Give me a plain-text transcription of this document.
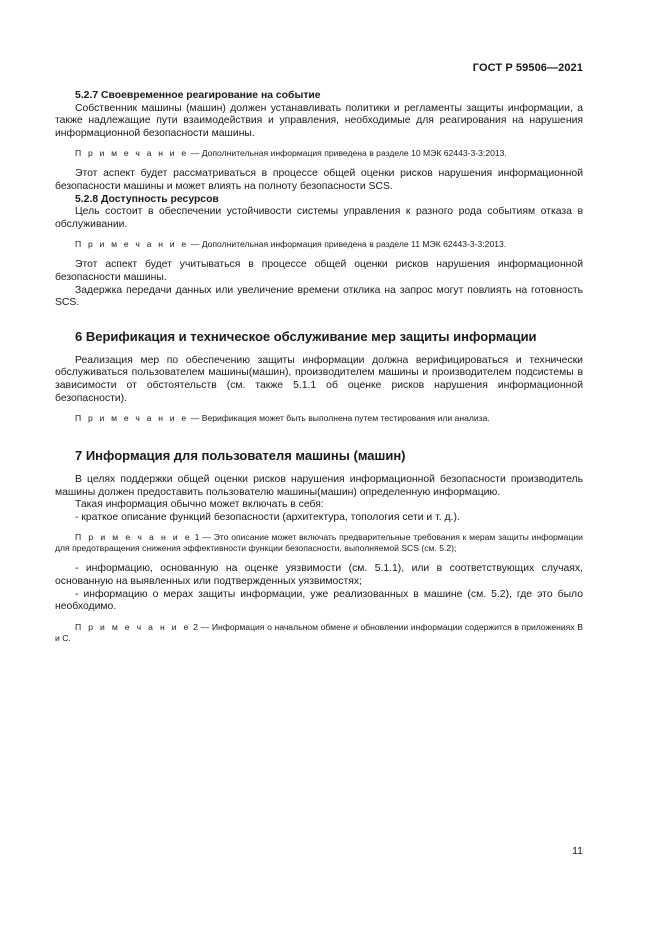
ГОСТ Р 59506—2021
5.2.7 Своевременное реагирование на событие

Собственник машины (машин) должен устанавливать политики и регламенты защиты информации, а также надлежащие пути взаимодействия и управления, необходимые для реагирования на нарушения информационной безопасности машины.

П р и м е ч а н и е — Дополнительная информация приведена в разделе 10 МЭК 62443-3-3:2013.

Этот аспект будет рассматриваться в процессе общей оценки рисков нарушения информационной безопасности машины и может влиять на полноту безопасности SCS.

5.2.8 Доступность ресурсов

Цель состоит в обеспечении устойчивости системы управления к разного рода событиям отказа в обслуживании.

П р и м е ч а н и е — Дополнительная информация приведена в разделе 11 МЭК 62443-3-3:2013.

Этот аспект будет учитываться в процессе общей оценки рисков нарушения информационной безопасности машины.

Задержка передачи данных или увеличение времени отклика на запрос могут повлиять на готовность SCS.

6 Верификация и техническое обслуживание мер защиты информации

Реализация мер по обеспечению защиты информации должна верифицироваться и технически обслуживаться пользователем машины(машин), производителем машины и производителем подсистемы в зависимости от обстоятельств (см. также 5.1.1 об оценке рисков нарушения информационной безопасности).

П р и м е ч а н и е — Верификация может быть выполнена путем тестирования или анализа.
7 Информация для пользователя машины (машин)

В целях поддержки общей оценки рисков нарушения информационной безопасности производитель машины должен предоставить пользователю машины(машин) определенную информацию.

Такая информация обычно может включать в себя:

- краткое описание функций безопасности (архитектура, топология сети и т. д.).

П р и м е ч а н и е 1 — Это описание может включать предварительные требования к мерам защиты информации для предотвращения снижения эффективности функции безопасности, выполняемой SCS (см. 5.2);

- информацию, основанную на оценке уязвимости (см. 5.1.1), или в соответствующих случаях, основанную на выявленных или подтвержденных уязвимостях;

- информацию о мерах защиты информации, уже реализованных в машине (см. 5.2), где это было необходимо.

П р и м е ч а н и е 2 — Информация о начальном обмене и обновлении информации содержится в приложениях B и C.
11
